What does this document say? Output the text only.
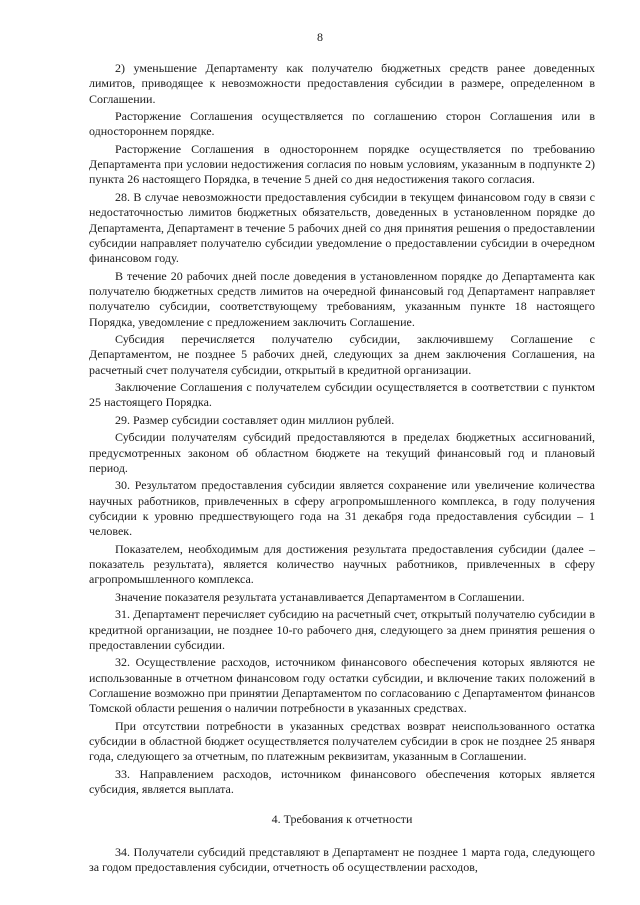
8

2) уменьшение Департаменту как получателю бюджетных средств ранее доведенных лимитов, приводящее к невозможности предоставления субсидии в размере, определенном в Соглашении.

Расторжение Соглашения осуществляется по соглашению сторон Соглашения или в одностороннем порядке.

Расторжение Соглашения в одностороннем порядке осуществляется по требованию Департамента при условии недостижения согласия по новым условиям, указанным в подпункте 2) пункта 26 настоящего Порядка, в течение 5 дней со дня недостижения такого согласия.

28. В случае невозможности предоставления субсидии в текущем финансовом году в связи с недостаточностью лимитов бюджетных обязательств, доведенных в установленном порядке до Департамента, Департамент в течение 5 рабочих дней со дня принятия решения о предоставлении субсидии направляет получателю субсидии уведомление о предоставлении субсидии в очередном финансовом году.

В течение 20 рабочих дней после доведения в установленном порядке до Департамента как получателю бюджетных средств лимитов на очередной финансовый год Департамент направляет получателю субсидии, соответствующему требованиям, указанным пункте 18 настоящего Порядка, уведомление с предложением заключить Соглашение.

Субсидия перечисляется получателю субсидии, заключившему Соглашение с Департаментом, не позднее 5 рабочих дней, следующих за днем заключения Соглашения, на расчетный счет получателя субсидии, открытый в кредитной организации.

Заключение Соглашения с получателем субсидии осуществляется в соответствии с пунктом 25 настоящего Порядка.

29. Размер субсидии составляет один миллион рублей.

Субсидии получателям субсидий предоставляются в пределах бюджетных ассигнований, предусмотренных законом об областном бюджете на текущий финансовый год и плановый период.

30. Результатом предоставления субсидии является сохранение или увеличение количества научных работников, привлеченных в сферу агропромышленного комплекса, в году получения субсидии к уровню предшествующего года на 31 декабря года предоставления субсидии – 1 человек.

Показателем, необходимым для достижения результата предоставления субсидии (далее – показатель результата), является количество научных работников, привлеченных в сферу агропромышленного комплекса.

Значение показателя результата устанавливается Департаментом в Соглашении.

31. Департамент перечисляет субсидию на расчетный счет, открытый получателю субсидии в кредитной организации, не позднее 10-го рабочего дня, следующего за днем принятия решения о предоставлении субсидии.

32. Осуществление расходов, источником финансового обеспечения которых являются не использованные в отчетном финансовом году остатки субсидии, и включение таких положений в Соглашение возможно при принятии Департаментом по согласованию с Департаментом финансов Томской области решения о наличии потребности в указанных средствах.

При отсутствии потребности в указанных средствах возврат неиспользованного остатка субсидии в областной бюджет осуществляется получателем субсидии в срок не позднее 25 января года, следующего за отчетным, по платежным реквизитам, указанным в Соглашении.

33. Направлением расходов, источником финансового обеспечения которых является субсидия, является выплата.

4. Требования к отчетности

34. Получатели субсидий представляют в Департамент не позднее 1 марта года, следующего за годом предоставления субсидии, отчетность об осуществлении расходов,
